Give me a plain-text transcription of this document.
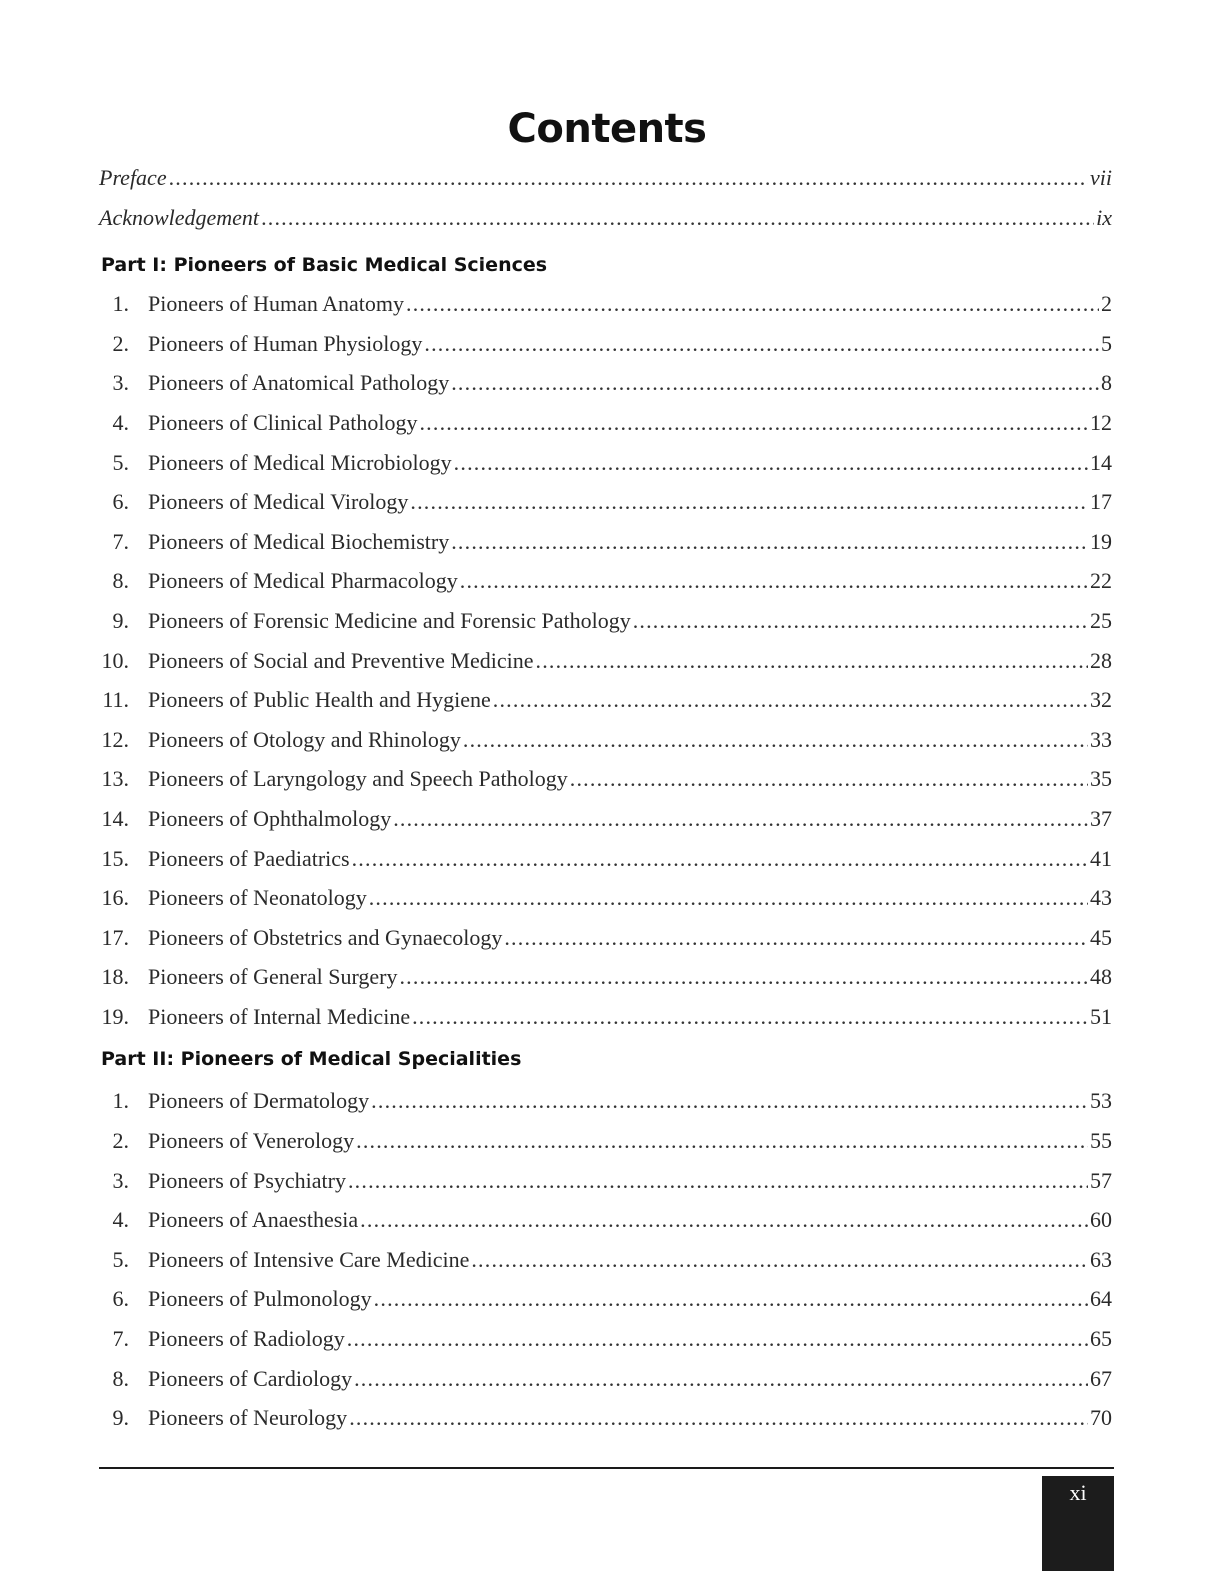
Contents
Preface .....	vii
Acknowledgement .....	ix
Part I: Pioneers of Basic Medical Sciences
1. Pioneers of Human Anatomy .....	2
2. Pioneers of Human Physiology .....	5
3. Pioneers of Anatomical Pathology .....	8
4. Pioneers of Clinical Pathology .....	12
5. Pioneers of Medical Microbiology .....	14
6. Pioneers of Medical Virology .....	17
7. Pioneers of Medical Biochemistry .....	19
8. Pioneers of Medical Pharmacology .....	22
9. Pioneers of Forensic Medicine and Forensic Pathology .....	25
10. Pioneers of Social and Preventive Medicine .....	28
11. Pioneers of Public Health and Hygiene .....	32
12. Pioneers of Otology and Rhinology .....	33
13. Pioneers of Laryngology and Speech Pathology .....	35
14. Pioneers of Ophthalmology .....	37
15. Pioneers of Paediatrics .....	41
16. Pioneers of Neonatology .....	43
17. Pioneers of Obstetrics and Gynaecology .....	45
18. Pioneers of General Surgery .....	48
19. Pioneers of Internal Medicine .....	51
Part II: Pioneers of Medical Specialities
1. Pioneers of Dermatology .....	53
2. Pioneers of Venerology .....	55
3. Pioneers of Psychiatry .....	57
4. Pioneers of Anaesthesia .....	60
5. Pioneers of Intensive Care Medicine .....	63
6. Pioneers of Pulmonology .....	64
7. Pioneers of Radiology .....	65
8. Pioneers of Cardiology .....	67
9. Pioneers of Neurology .....	70
xi
